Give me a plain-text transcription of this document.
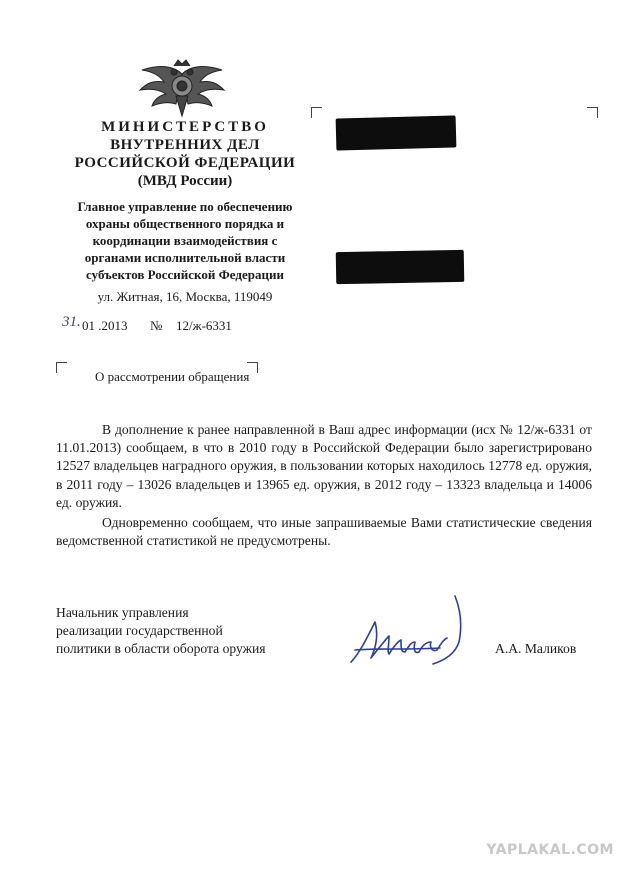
МИНИСТЕРСТВО
ВНУТРЕННИХ ДЕЛ
РОССИЙСКОЙ ФЕДЕРАЦИИ
(МВД России)
Главное управление по обеспечению
охраны общественного порядка и
координации взаимодействия с
органами исполнительной власти
субъектов Российской Федерации
ул. Житная, 16, Москва, 119049
31. 01 .2013 № 12/ж-6331
О рассмотрении обращения

В дополнение к ранее направленной в Ваш адрес информации (исх № 12/ж-6331 от 11.01.2013) сообщаем, в что в 2010 году в Российской Федерации было зарегистрировано 12527 владельцев наградного оружия, в пользовании которых находилось 12778 ед. оружия, в 2011 году – 13026 владельцев и 13965 ед. оружия, в 2012 году – 13323 владельца и 14006 ед. оружия.

Одновременно сообщаем, что иные запрашиваемые Вами статистические сведения ведомственной статистикой не предусмотрены.

Начальник управления
реализации государственной
политики в области оборота оружия	А.А. Маликов
YAPLAKAL.COM
